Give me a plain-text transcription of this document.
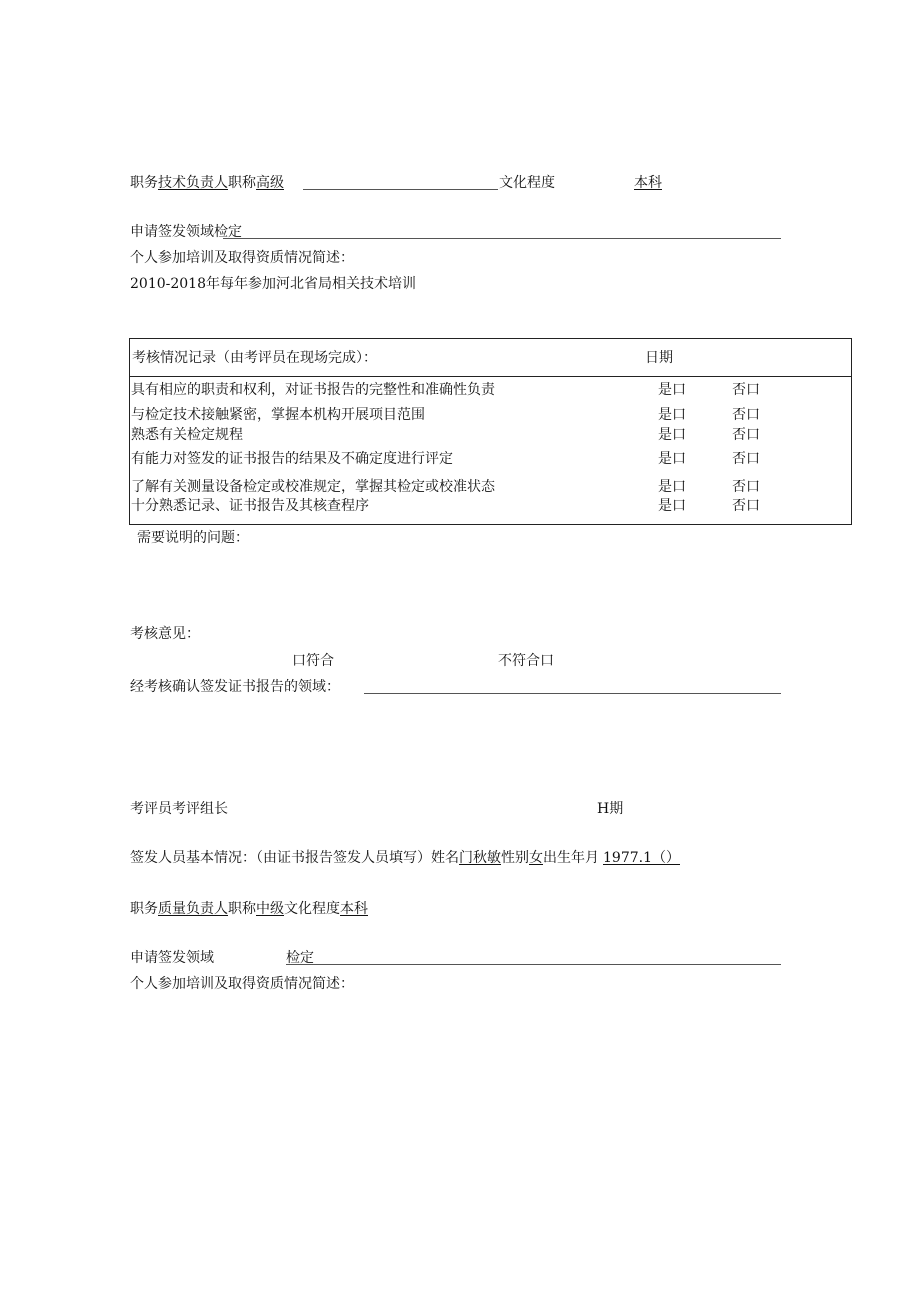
职务技术负责人职称高级	文化程度	本科
申请签发领域检定
个人参加培训及取得资质情况简述：
2010-2018年每年参加河北省局相关技术培训
考核情况记录（由考评员在现场完成）：	日期
具有相应的职责和权利，对证书报告的完整性和准确性负责	是口	否口
与检定技术接触紧密，掌握本机构开展项目范围	是口	否口
熟悉有关检定规程	是口	否口
有能力对签发的证书报告的结果及不确定度进行评定	是口	否口
了解有关测量设备检定或校准规定，掌握其检定或校准状态	是口	否口
十分熟悉记录、证书报告及其核查程序	是口	否口
需要说明的问题：
考核意见：
口符合	不符合口
经考核确认签发证书报告的领域：
考评员考评组长	H期
签发人员基本情况：（由证书报告签发人员填写）姓名门秋敏性别女出生年月 1977.1（）
职务质量负责人职称中级文化程度本科
申请签发领域	检定
个人参加培训及取得资质情况简述：
